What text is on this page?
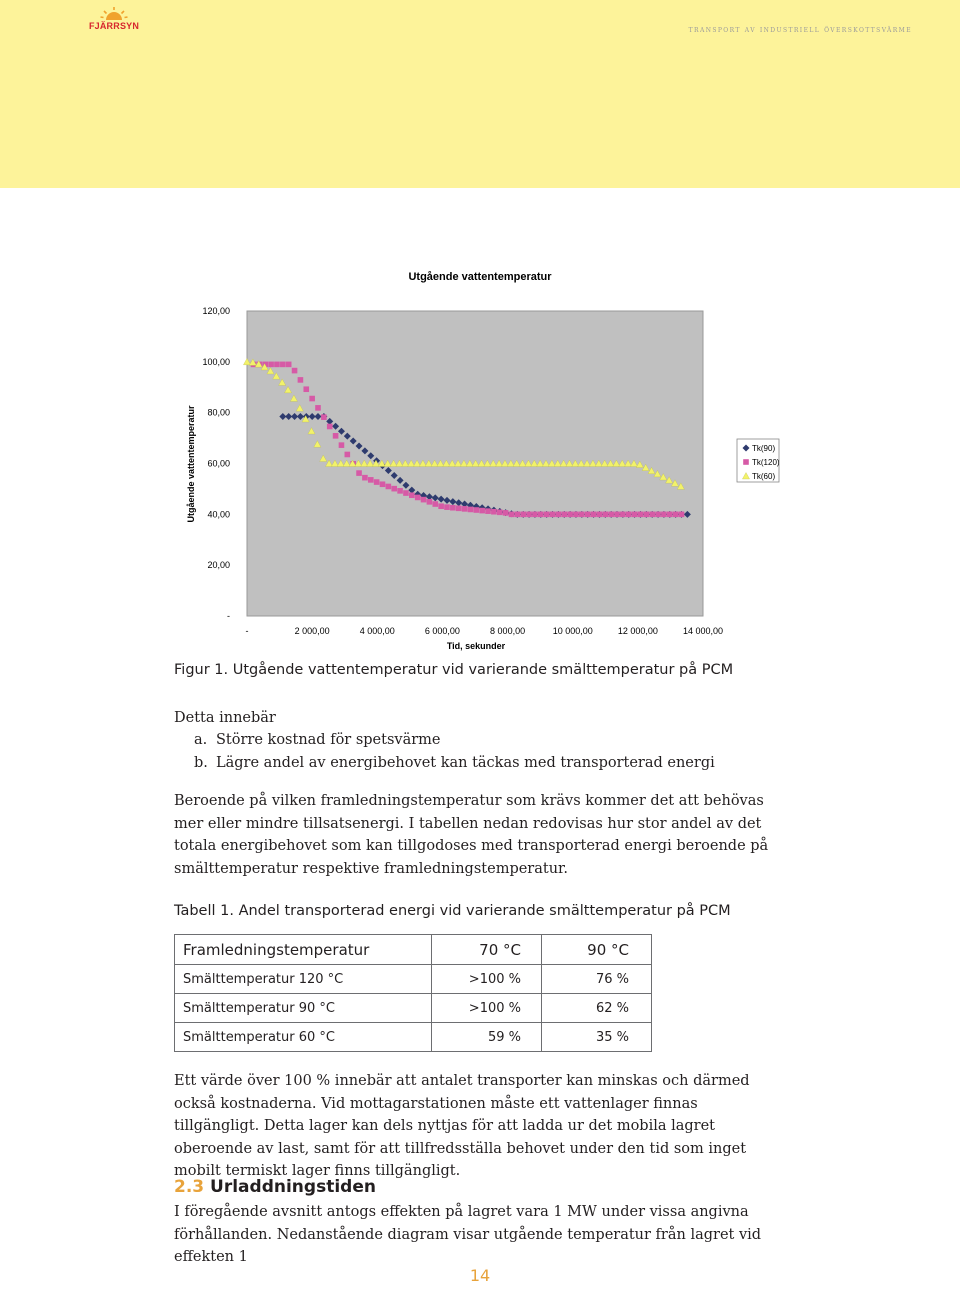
FJÄRRSYN	transport av industriell överskottsvärme
Utgående vattentemperatur
Utgående vattentemperatur
Tid, sekunder
-
20,00
40,00
60,00
80,00
100,00
120,00
-	2 000,00	4 000,00	6 000,00	8 000,00	10 000,00	12 000,00	14 000,00
Tk(90)
Tk(120)
Tk(60)
Figur 1. Utgående vattentemperatur vid varierande smälttemperatur på PCM
Detta innebär
a. Större kostnad för spetsvärme
b. Lägre andel av energibehovet kan täckas med transporterad energi
Beroende på vilken framledningstemperatur som krävs kommer det att behövas mer eller mindre tillsatsenergi. I tabellen nedan redovisas hur stor andel av det totala energibehovet som kan tillgodoses med transporterad energi beroende på smälttemperatur respektive framledningstemperatur.
Tabell 1. Andel transporterad energi vid varierande smälttemperatur på PCM
Framledningstemperatur	70 °C	90 °C
Smälttemperatur 120 °C	>100 %	76 %
Smälttemperatur 90 °C	>100 %	62 %
Smälttemperatur 60 °C	59 %	35 %
Ett värde över 100 % innebär att antalet transporter kan minskas och därmed också kostnaderna. Vid mottagarstationen måste ett vattenlager finnas tillgängligt. Detta lager kan dels nyttjas för att ladda ur det mobila lagret oberoende av last, samt för att tillfredsställa behovet under den tid som inget mobilt termiskt lager finns tillgängligt.
2.3 Urladdningstiden
I föregående avsnitt antogs effekten på lagret vara 1 MW under vissa angivna förhållanden. Nedanstående diagram visar utgående temperatur från lagret vid effekten 1
14
